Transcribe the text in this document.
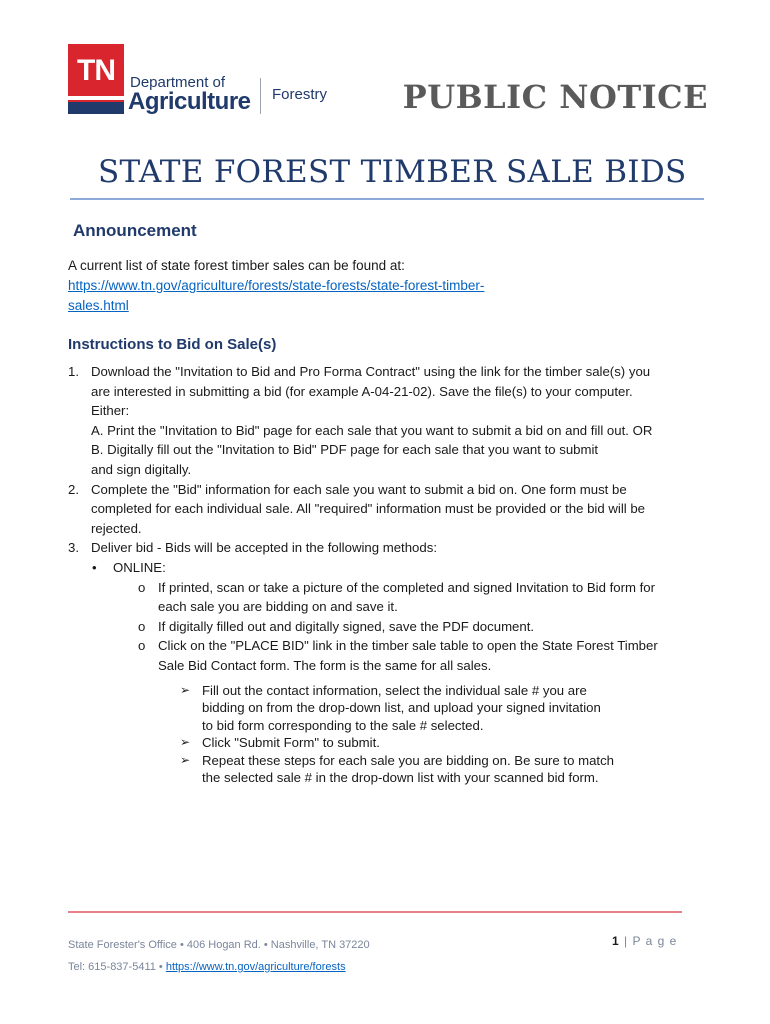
TN	Department of
Agriculture Forestry PUBLIC NOTICE
STATE FOREST TIMBER SALE BIDS
Announcement
A current list of state forest timber sales can be found at:
https://www.tn.gov/agriculture/forests/state-forests/state-forest-timber-
sales.html
Instructions to Bid on Sale(s)
1. Download the "Invitation to Bid and Pro Forma Contract" using the link for the timber sale(s) you
are interested in submitting a bid (for example A-04-21-02). Save the file(s) to your computer.
Either:
A. Print the "Invitation to Bid" page for each sale that you want to submit a bid on and fill out. OR
B. Digitally fill out the "Invitation to Bid" PDF page for each sale that you want to submit
and sign digitally.
2. Complete the "Bid" information for each sale you want to submit a bid on. One form must be
completed for each individual sale. All "required" information must be provided or the bid will be
rejected.
3. Deliver bid - Bids will be accepted in the following methods:
• ONLINE:
o If printed, scan or take a picture of the completed and signed Invitation to Bid form for
each sale you are bidding on and save it.
o If digitally filled out and digitally signed, save the PDF document.
o Click on the "PLACE BID" link in the timber sale table to open the State Forest Timber
Sale Bid Contact form. The form is the same for all sales.
➢ Fill out the contact information, select the individual sale # you are
bidding on from the drop-down list, and upload your signed invitation
to bid form corresponding to the sale # selected.
➢ Click "Submit Form" to submit.
➢ Repeat these steps for each sale you are bidding on. Be sure to match
the selected sale # in the drop-down list with your scanned bid form.
State Forester's Office • 406 Hogan Rd. • Nashville, TN 37220
Tel: 615-837-5411 • https://www.tn.gov/agriculture/forests
1 | P a g e
